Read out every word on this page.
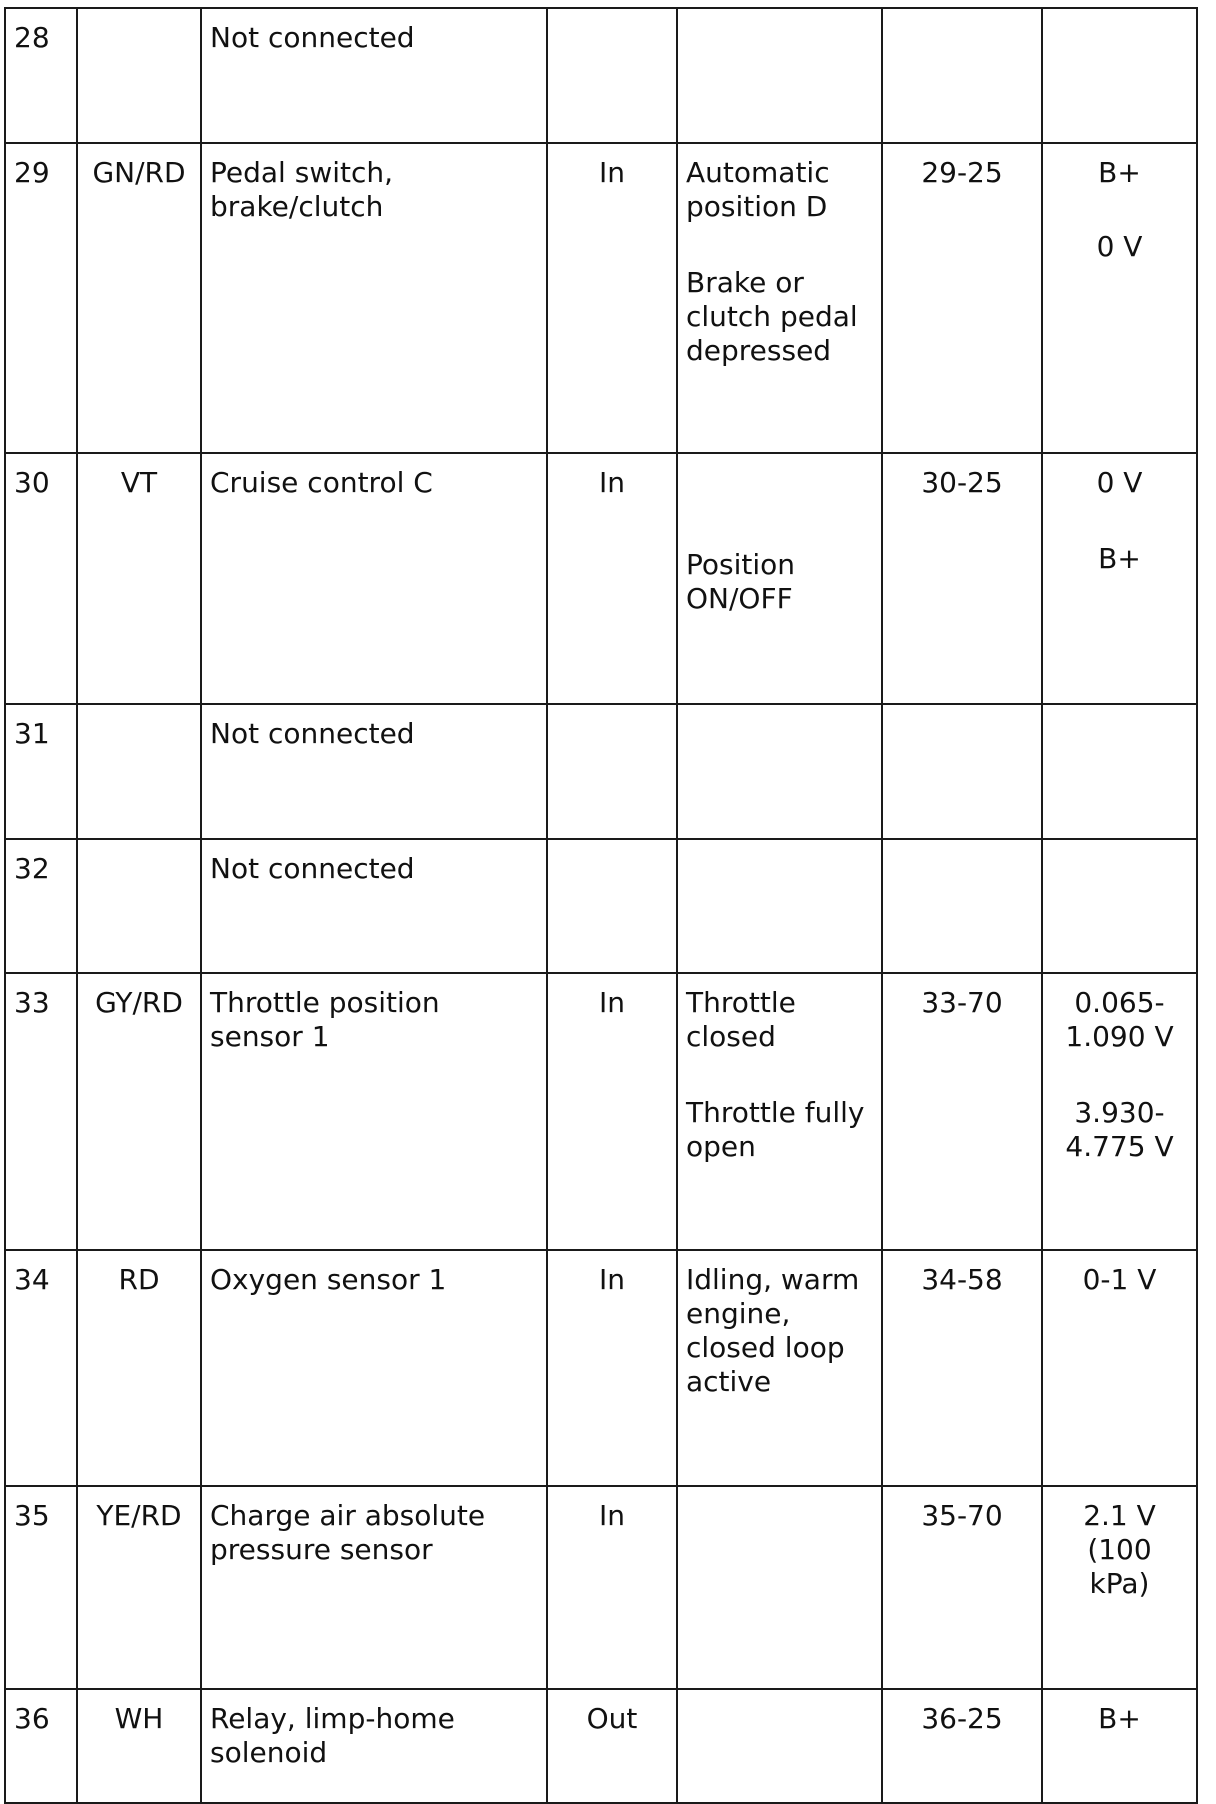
28		Not connected				

29	GN/RD	Pedal switch,
brake/clutch	In	Automatic
position D
Brake or
clutch pedal
depressed	29-25	B+
0 V

30	VT	Cruise control C	In	Position
ON/OFF	30-25	0 V
B+

31		Not connected				

32		Not connected				

33	GY/RD	Throttle position
sensor 1	In	Throttle
closed
Throttle fully
open	33-70	0.065-
1.090 V
3.930-
4.775 V

34	RD	Oxygen sensor 1	In	Idling, warm
engine,
closed loop
active	34-58	0-1 V

35	YE/RD	Charge air absolute
pressure sensor	In		35-70	2.1 V
(100
kPa)

36	WH	Relay, limp-home
solenoid	Out		36-25	B+
